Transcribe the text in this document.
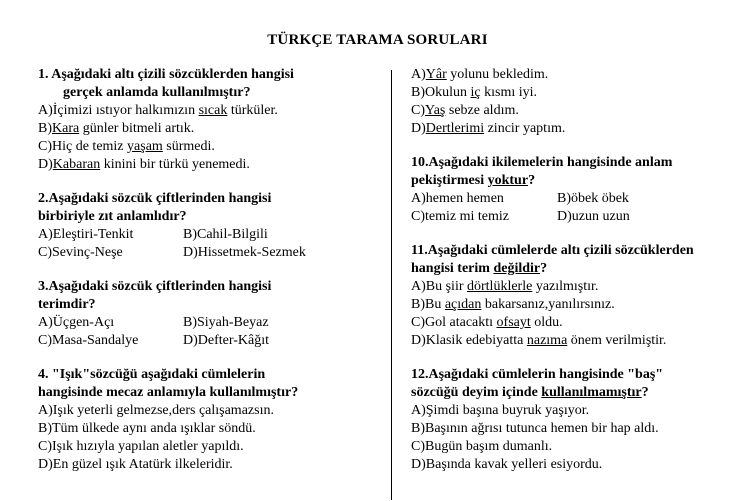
TÜRKÇE TARAMA SORULARI
1. Aşağıdaki altı çizili sözcüklerden hangisi
gerçek anlamda kullanılmıştır?
A)İçimizi ıstıyor halkımızın sıcak türküler.
B)Kara günler bitmeli artık.
C)Hiç de temiz yaşam sürmedi.
D)Kabaran kinini bir türkü yenemedi.
2.Aşağıdaki sözcük çiftlerinden hangisi
birbiriyle zıt anlamlıdır?
A)Eleştiri-Tenkit	B)Cahil-Bilgili
C)Sevinç-Neşe	D)Hissetmek-Sezmek
3.Aşağıdaki sözcük çiftlerinden hangisi
terimdir?
A)Üçgen-Açı	B)Siyah-Beyaz
C)Masa-Sandalye	D)Defter-Kâğıt
4. "Işık"sözcüğü aşağıdaki cümlelerin
hangisinde mecaz anlamıyla kullanılmıştır?
A)Işık yeterli gelmezse,ders çalışamazsın.
B)Tüm ülkede aynı anda ışıklar söndü.
C)Işık hızıyla yapılan aletler yapıldı.
D)En güzel ışık Atatürk ilkeleridir.
A)Yâr yolunu bekledim.
B)Okulun iç kısmı iyi.
C)Yaş sebze aldım.
D)Dertlerimi zincir yaptım.
10.Aşağıdaki ikilemelerin hangisinde anlam
pekiştirmesi yoktur?
A)hemen hemen	B)öbek öbek
C)temiz mi temiz	D)uzun uzun
11.Aşağıdaki cümlelerde altı çizili sözcüklerden
hangisi terim değildir?
A)Bu şiir dörtlüklerle yazılmıştır.
B)Bu açıdan bakarsanız,yanılırsınız.
C)Gol atacaktı ofsayt oldu.
D)Klasik edebiyatta nazıma önem verilmiştir.
12.Aşağıdaki cümlelerin hangisinde "baş"
sözcüğü deyim içinde kullanılmamıştır?
A)Şimdi başına buyruk yaşıyor.
B)Başının ağrısı tutunca hemen bir hap aldı.
C)Bugün başım dumanlı.
D)Başında kavak yelleri esiyordu.
